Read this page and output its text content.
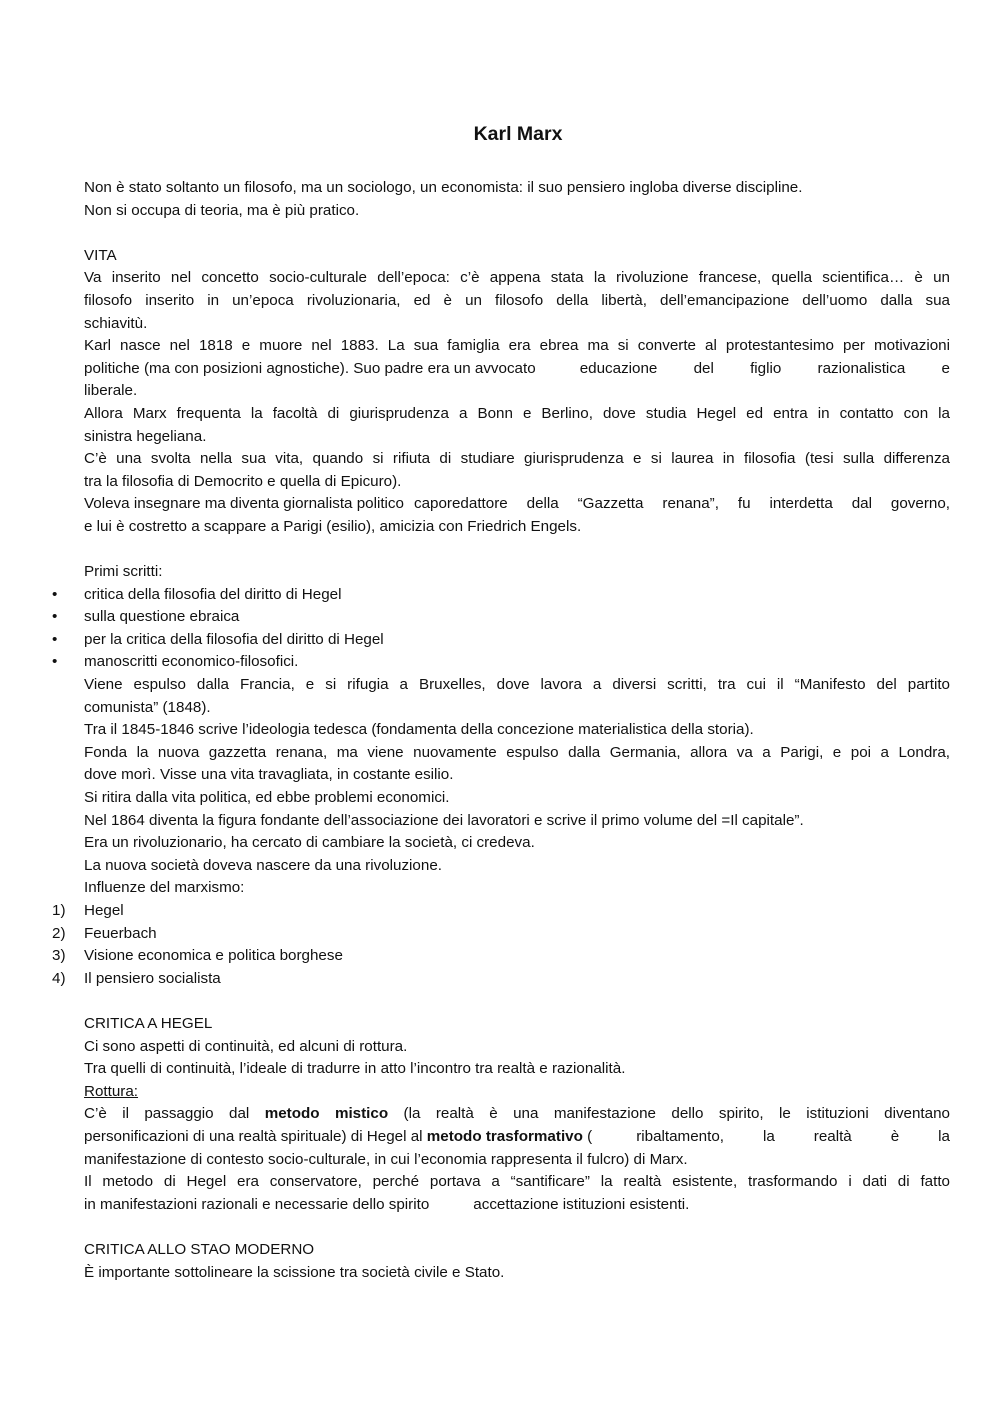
Karl Marx
Non è stato soltanto un filosofo, ma un sociologo, un economista: il suo pensiero ingloba diverse discipline.
Non si occupa di teoria, ma è più pratico.
VITA
Va inserito nel concetto socio-culturale dell’epoca: c’è appena stata la rivoluzione francese, quella scientifica… è un
filosofo inserito in un’epoca rivoluzionaria, ed è un filosofo della libertà, dell’emancipazione dell’uomo dalla sua
schiavitù.
Karl nasce nel 1818 e muore nel 1883. La sua famiglia era ebrea ma si converte al protestantesimo per motivazioni
politiche (ma con posizioni agnostiche). Suo padre era un avvocato	educazione del figlio razionalistica e
liberale.
Allora Marx frequenta la facoltà di giurisprudenza a Bonn e Berlino, dove studia Hegel ed entra in contatto con la
sinistra hegeliana.
C’è una svolta nella sua vita, quando si rifiuta di studiare giurisprudenza e si laurea in filosofia (tesi sulla differenza
tra la filosofia di Democrito e quella di Epicuro).
Voleva insegnare ma diventa giornalista politico caporedattore della “Gazzetta renana”, fu interdetta dal governo,
e lui è costretto a scappare a Parigi (esilio), amicizia con Friedrich Engels.
Primi scritti:
• critica della filosofia del diritto di Hegel
• sulla questione ebraica
• per la critica della filosofia del diritto di Hegel
• manoscritti economico-filosofici.
Viene espulso dalla Francia, e si rifugia a Bruxelles, dove lavora a diversi scritti, tra cui il “Manifesto del partito
comunista” (1848).
Tra il 1845-1846 scrive l’ideologia tedesca (fondamenta della concezione materialistica della storia).
Fonda la nuova gazzetta renana, ma viene nuovamente espulso dalla Germania, allora va a Parigi, e poi a Londra,
dove morì. Visse una vita travagliata, in costante esilio.
Si ritira dalla vita politica, ed ebbe problemi economici.
Nel 1864 diventa la figura fondante dell’associazione dei lavoratori e scrive il primo volume del =Il capitale”.
Era un rivoluzionario, ha cercato di cambiare la società, ci credeva.
La nuova società doveva nascere da una rivoluzione.
Influenze del marxismo:
1) Hegel
2) Feuerbach
3) Visione economica e politica borghese
4) Il pensiero socialista
CRITICA A HEGEL
Ci sono aspetti di continuità, ed alcuni di rottura.
Tra quelli di continuità, l’ideale di tradurre in atto l’incontro tra realtà e razionalità.
Rottura:
C’è il passaggio dal metodo mistico (la realtà è una manifestazione dello spirito, le istituzioni diventano
personificazioni di una realtà spirituale) di Hegel al
metodo trasformativo
(	ribaltamento, la realtà è la
manifestazione di contesto socio-culturale, in cui l’economia rappresenta il fulcro) di Marx.
Il metodo di Hegel era conservatore, perché portava a “santificare” la realtà esistente, trasformando i dati di fatto
in manifestazioni razionali e necessarie dello spirito	accettazione istituzioni esistenti.
CRITICA ALLO STAO MODERNO
È importante sottolineare la scissione tra società civile e Stato.
